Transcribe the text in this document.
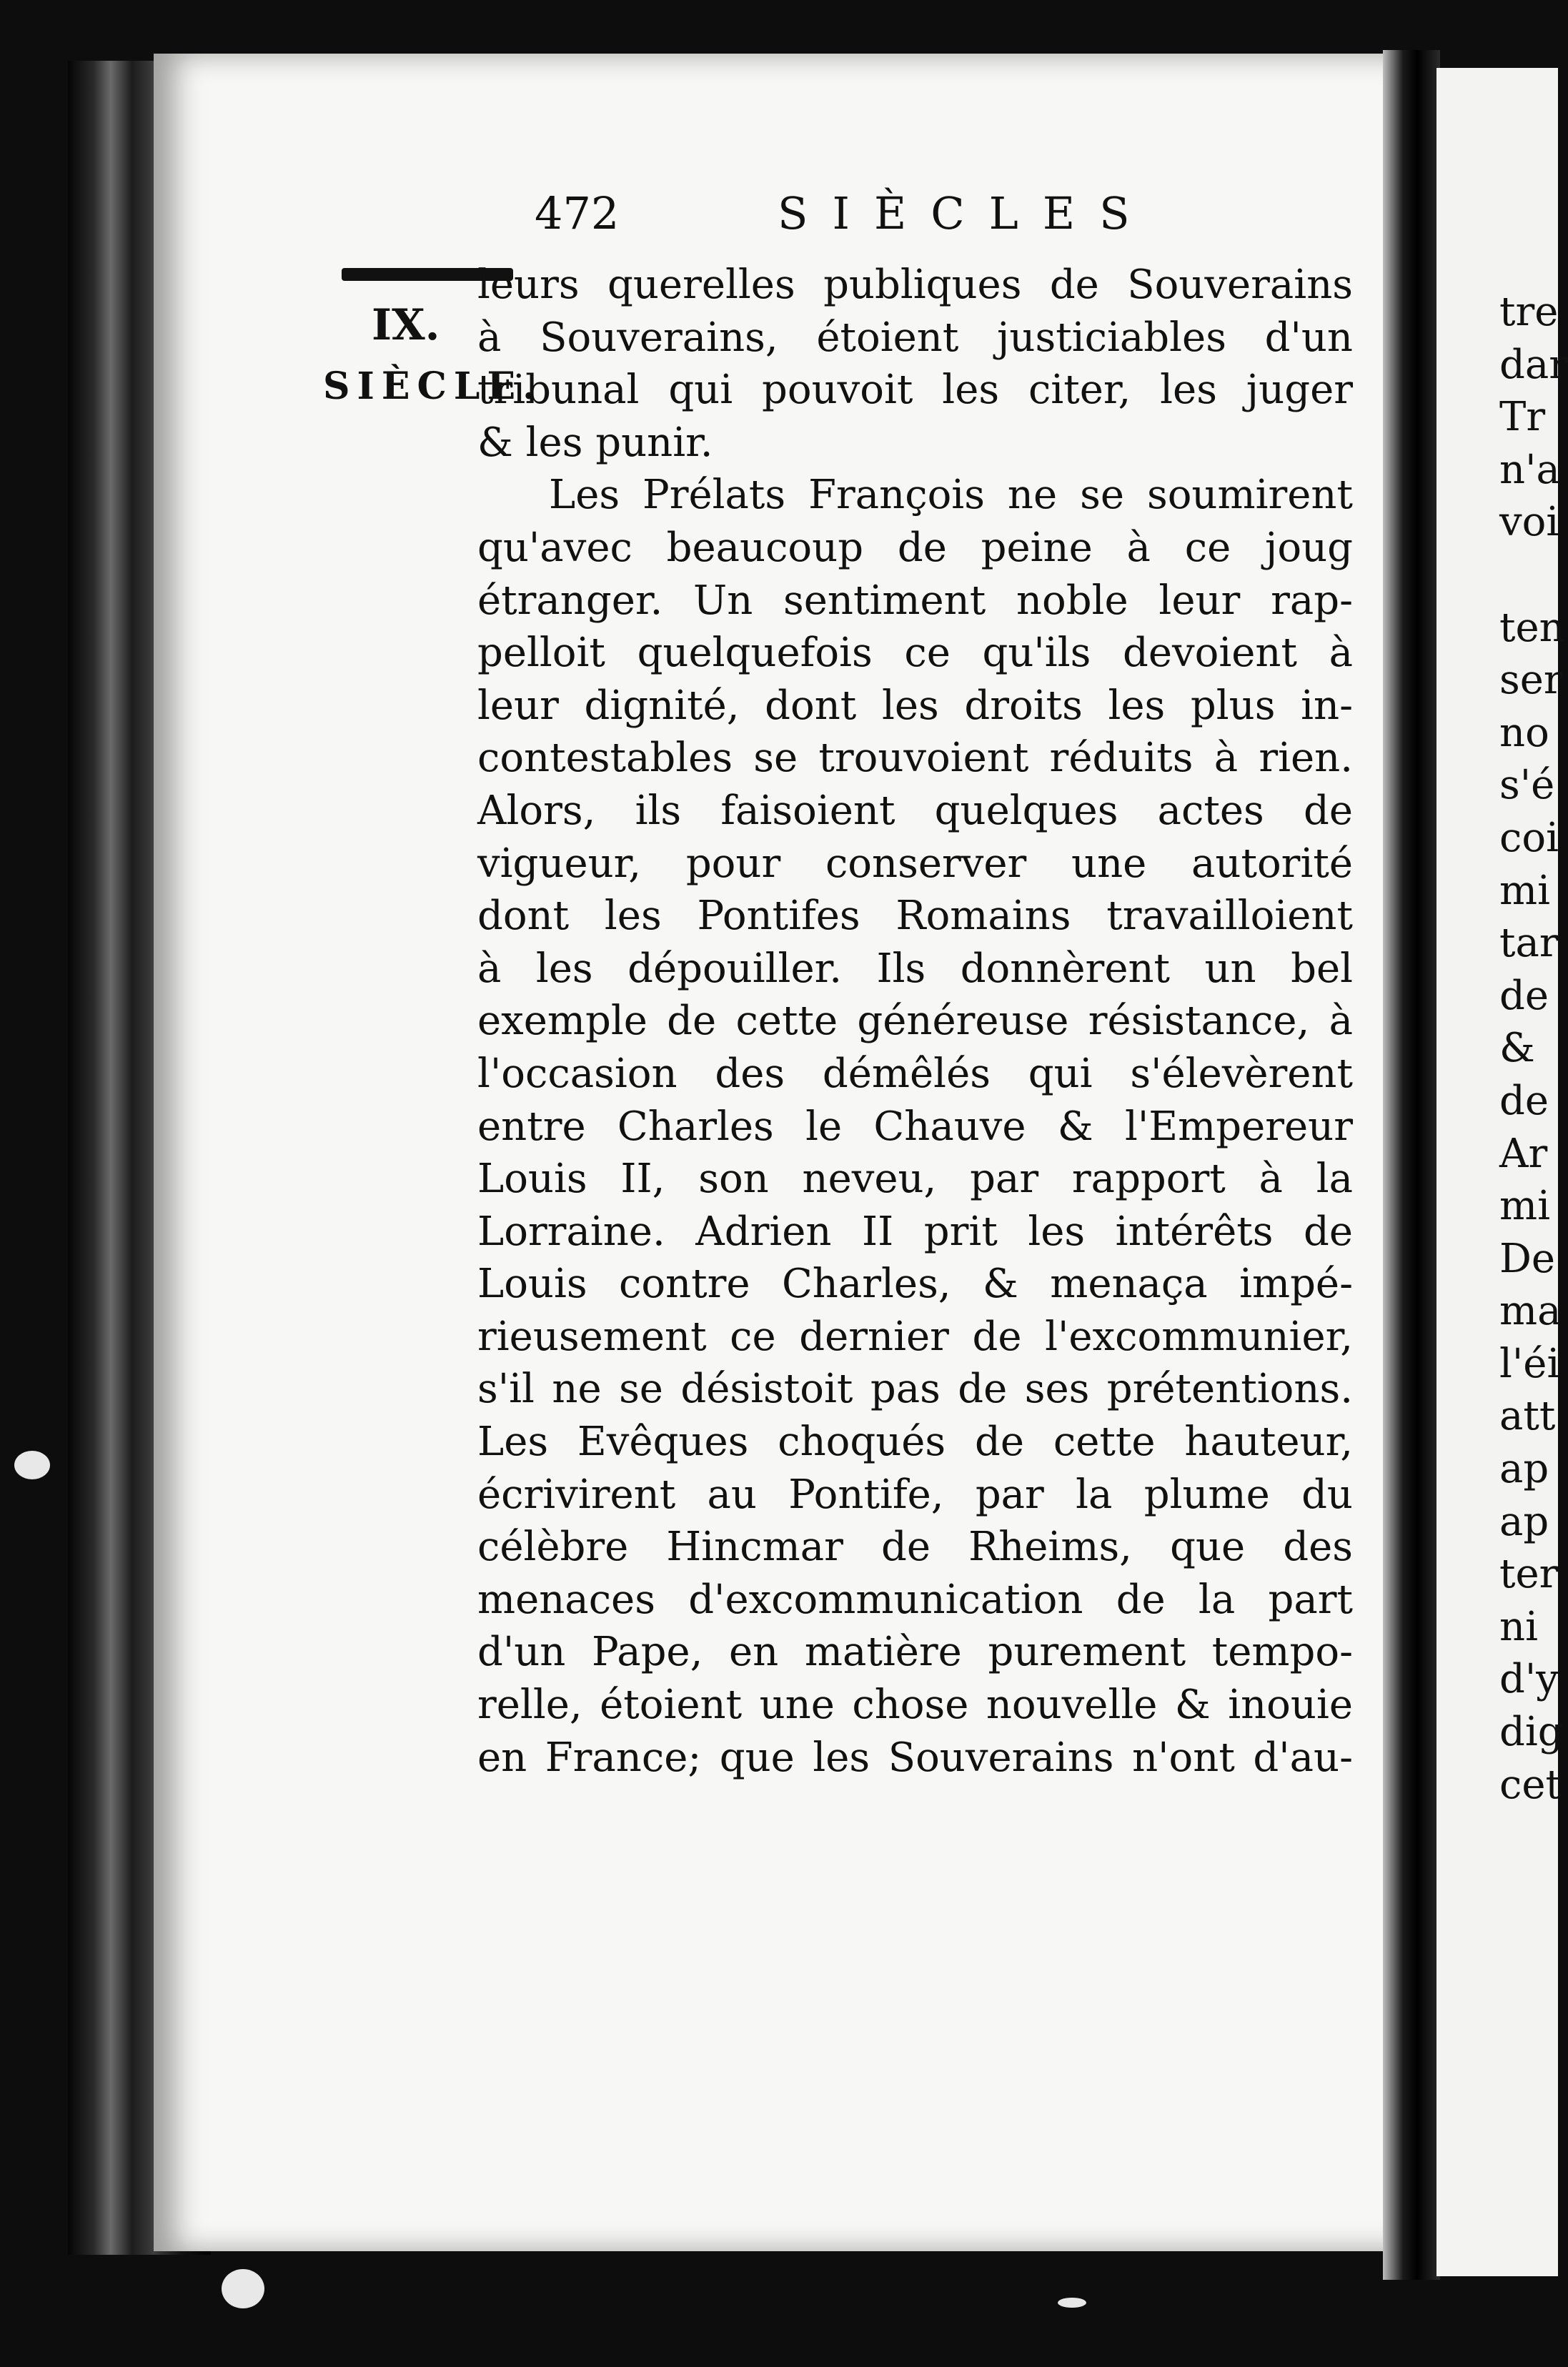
472	SIÈCLES
IX.
SIÈCLE.
leurs querelles publiques de Souverains
à Souverains, étoient justiciables d'un
tribunal qui pouvoit les citer, les juger
& les punir.
Les Prélats François ne se soumirent
qu'avec beaucoup de peine à ce joug
étranger. Un sentiment noble leur rap-
pelloit quelquefois ce qu'ils devoient à
leur dignité, dont les droits les plus in-
contestables se trouvoient réduits à rien.
Alors, ils faisoient quelques actes de
vigueur, pour conserver une autorité
dont les Pontifes Romains travailloient
à les dépouiller. Ils donnèrent un bel
exemple de cette généreuse résistance, à
l'occasion des démêlés qui s'élevèrent
entre Charles le Chauve & l'Empereur
Louis II, son neveu, par rapport à la
Lorraine. Adrien II prit les intérêts de
Louis contre Charles, & menaça impé-
rieusement ce dernier de l'excommunier,
s'il ne se désistoit pas de ses prétentions.
Les Evêques choqués de cette hauteur,
écrivirent au Pontife, par la plume du
célèbre Hincmar de Rheims, que des
menaces d'excommunication de la part
d'un Pape, en matière purement tempo-
relle, étoient une chose nouvelle & inouie
en France; que les Souverains n'ont d'au-
tre
dar
Tr
n'a
voi
ten
ser
no
s'é
coi
mi
tar
de
&
de
Ar
mi
De
ma
l'éi
att
ap
ap
ter
ni
d'y
dig
cet
